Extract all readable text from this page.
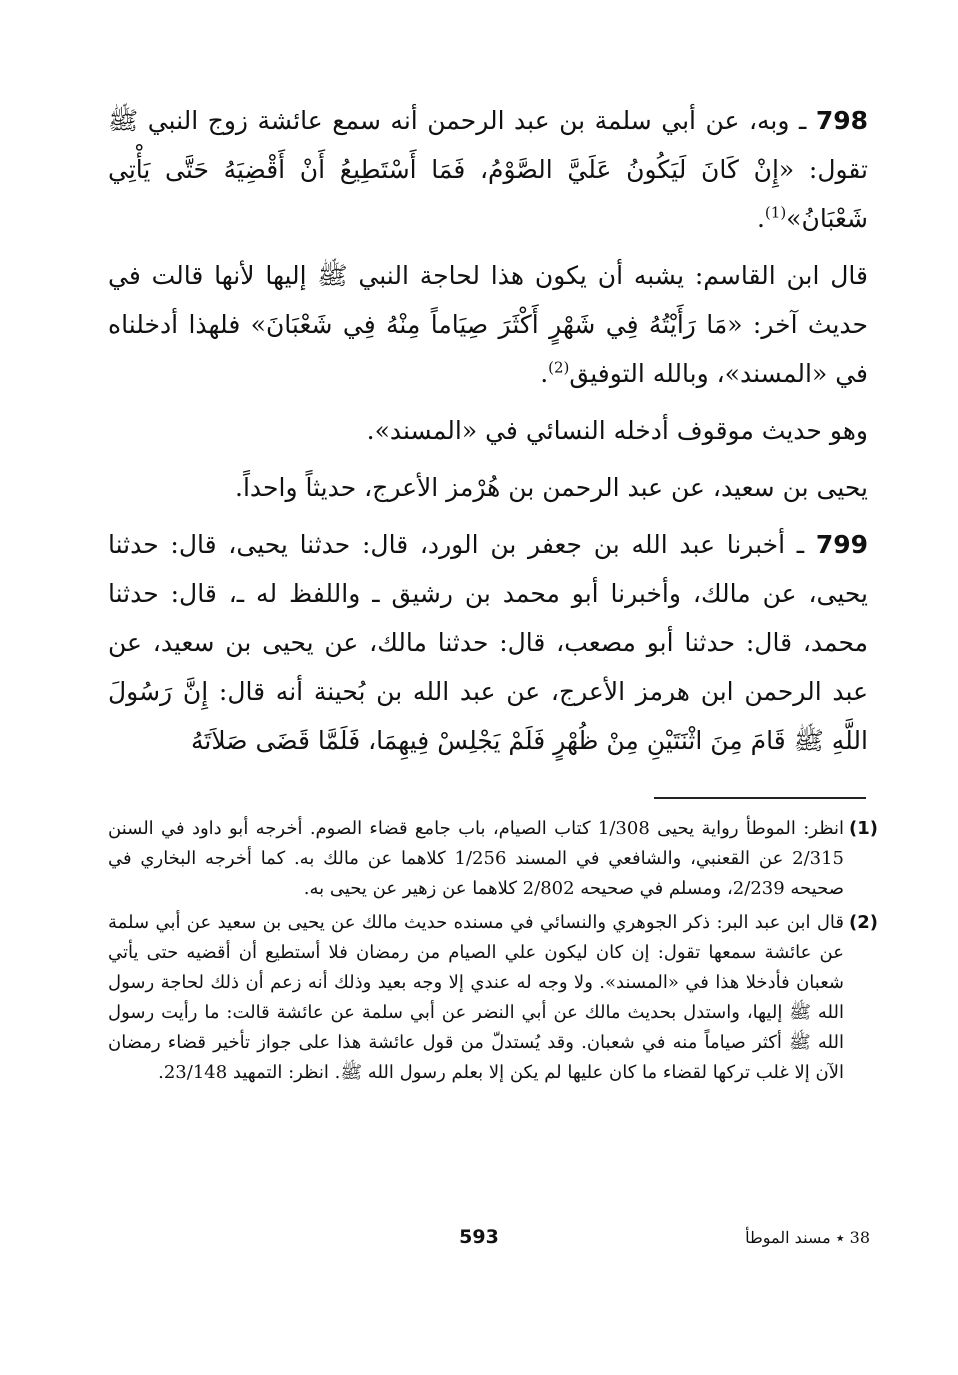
798 ـ وبه، عن أبي سلمة بن عبد الرحمن أنه سمع عائشة زوج النبي ﷺ تقول: «إِنْ كَانَ لَيَكُونُ عَلَيَّ الصَّوْمُ، فَمَا أَسْتَطِيعُ أَنْ أَقْضِيَهُ حَتَّى يَأْتِي شَعْبَانُ»$^{(1)}$.

قال ابن القاسم: يشبه أن يكون هذا لحاجة النبي ﷺ إليها لأنها قالت في حديث آخر: «مَا رَأَيْتُهُ فِي شَهْرٍ أَكْثَرَ صِيَاماً مِنْهُ فِي شَعْبَانَ» فلهذا أدخلناه في «المسند»، وبالله التوفيق$^{(2)}$.

وهو حديث موقوف أدخله النسائي في «المسند».

يحيى بن سعيد، عن عبد الرحمن بن هُرْمز الأعرج، حديثاً واحداً.

799 ـ أخبرنا عبد الله بن جعفر بن الورد، قال: حدثنا يحيى، قال: حدثنا يحيى، عن مالك، وأخبرنا أبو محمد بن رشيق ـ واللفظ له ـ، قال: حدثنا محمد، قال: حدثنا أبو مصعب، قال: حدثنا مالك، عن يحيى بن سعيد، عن عبد الرحمن ابن هرمز الأعرج، عن عبد الله بن بُحينة أنه قال: إِنَّ رَسُولَ اللَّهِ ﷺ قَامَ مِنَ اثْنَتَيْنِ مِنْ ظُهْرٍ فَلَمْ يَجْلِسْ فِيهِمَا، فَلَمَّا قَضَى صَلاَتَهُ

(1)
انظر: الموطأ رواية يحيى 1/308 كتاب الصيام، باب جامع قضاء الصوم. أخرجه أبو داود في السنن 2/315 عن القعنبي، والشافعي في المسند 1/256 كلاهما عن مالك به. كما أخرجه البخاري في صحيحه 2/239، ومسلم في صحيحه 2/802 كلاهما عن زهير عن يحيى به.
(2)
قال ابن عبد البر: ذكر الجوهري والنسائي في مسنده حديث مالك عن يحيى بن سعيد عن أبي سلمة عن عائشة سمعها تقول: إن كان ليكون علي الصيام من رمضان فلا أستطيع أن أقضيه حتى يأتي شعبان فأدخلا هذا في «المسند». ولا وجه له عندي إلا وجه بعيد وذلك أنه زعم أن ذلك لحاجة رسول الله ﷺ إليها، واستدل بحديث مالك عن أبي النضر عن أبي سلمة عن عائشة قالت: ما رأيت رسول الله ﷺ أكثر صياماً منه في شعبان. وقد يُستدلّ من قول عائشة هذا على جواز تأخير قضاء رمضان الآن إلا غلب تركها لقضاء ما كان عليها لم يكن إلا بعلم رسول الله ﷺ. انظر: التمهيد 23/148.
593	38 ٭ مسند الموطأ
